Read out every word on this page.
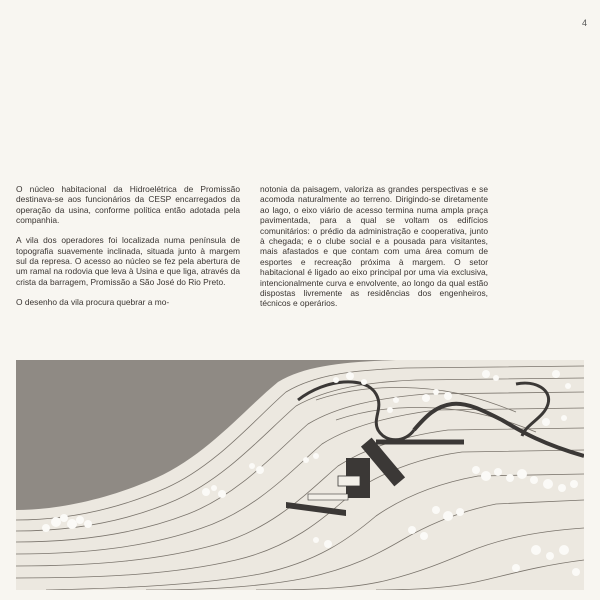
4

O núcleo habitacional da Hidroelétrica de Promissão destinava-se aos funcionários da CESP encarregados da operação da usina, conforme política então adotada pela companhia.

A vila dos operadores foi localizada numa península de topografia suavemente inclinada, situada junto à margem sul da represa. O acesso ao núcleo se fez pela abertura de um ramal na rodovia que leva à Usina e que liga, através da crista da barragem, Promissão a São José do Rio Preto.

O desenho da vila procura quebrar a mo-

notonia da paisagem, valoriza as grandes perspectivas e se acomoda naturalmente ao terreno. Dirigindo-se diretamente ao lago, o eixo viário de acesso termina numa ampla praça pavimentada, para a qual se voltam os edifícios comunitários: o prédio da administração e cooperativa, junto à chegada; e o clube social e a pousada para visitantes, mais afastados e que contam com uma área comum de esportes e recreação próxima à margem. O setor habitacional é ligado ao eixo principal por uma via exclusiva, intencionalmente curva e envolvente, ao longo da qual estão dispostas livremente as residências dos engenheiros, técnicos e operários.
